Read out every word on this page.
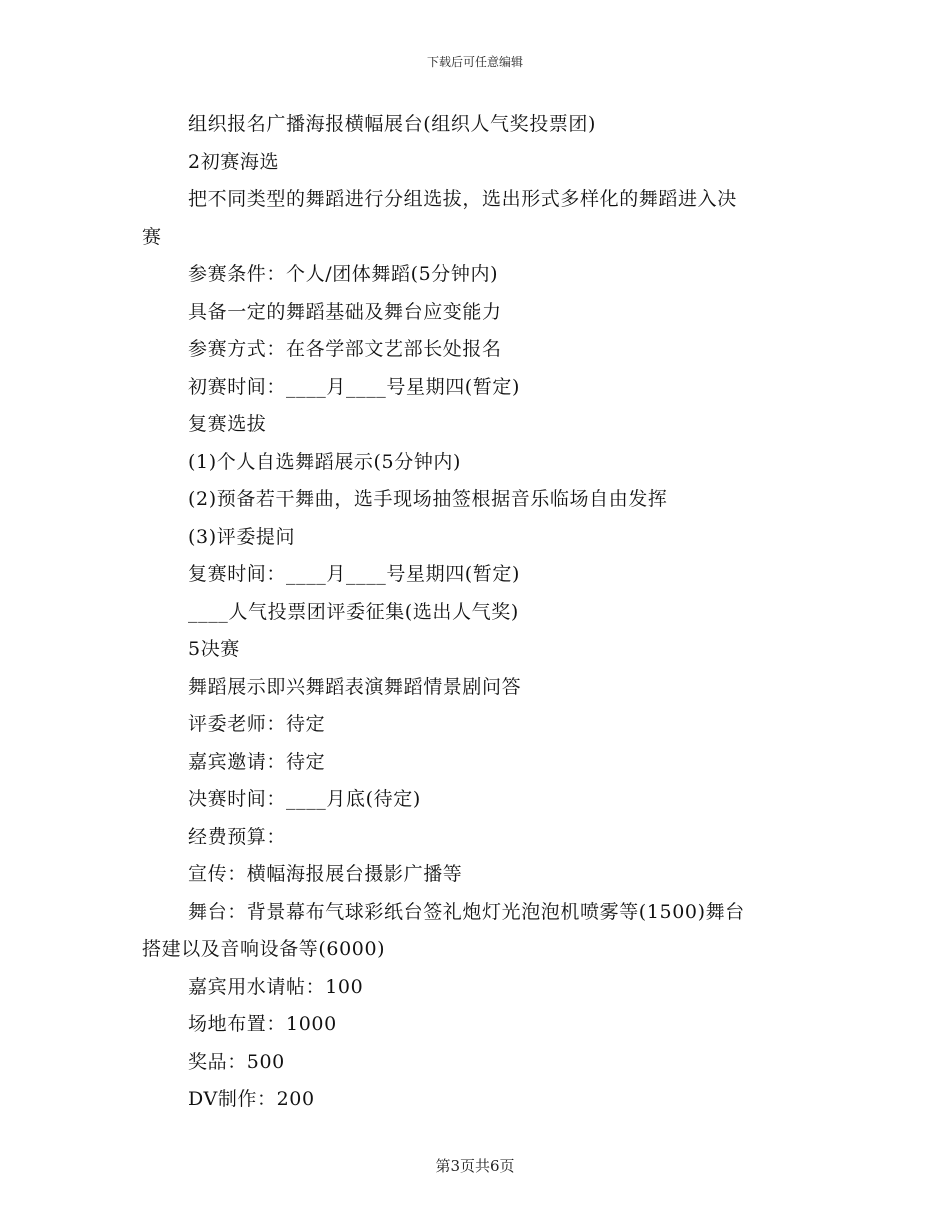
下载后可任意编辑
组织报名广播海报横幅展台(组织人气奖投票团)
2初赛海选
把不同类型的舞蹈进行分组选拔，选出形式多样化的舞蹈进入决
赛
参赛条件：个人/团体舞蹈(5分钟内)
具备一定的舞蹈基础及舞台应变能力
参赛方式：在各学部文艺部长处报名
初赛时间：____月____号星期四(暂定)
复赛选拔
(1)个人自选舞蹈展示(5分钟内)
(2)预备若干舞曲，选手现场抽签根据音乐临场自由发挥
(3)评委提问
复赛时间：____月____号星期四(暂定)
____人气投票团评委征集(选出人气奖)
5决赛
舞蹈展示即兴舞蹈表演舞蹈情景剧问答
评委老师：待定
嘉宾邀请：待定
决赛时间：____月底(待定)
经费预算：
宣传：横幅海报展台摄影广播等
舞台：背景幕布气球彩纸台签礼炮灯光泡泡机喷雾等(1500)舞台
搭建以及音响设备等(6000)
嘉宾用水请帖：100
场地布置：1000
奖品：500
DV制作：200
第3页共6页
